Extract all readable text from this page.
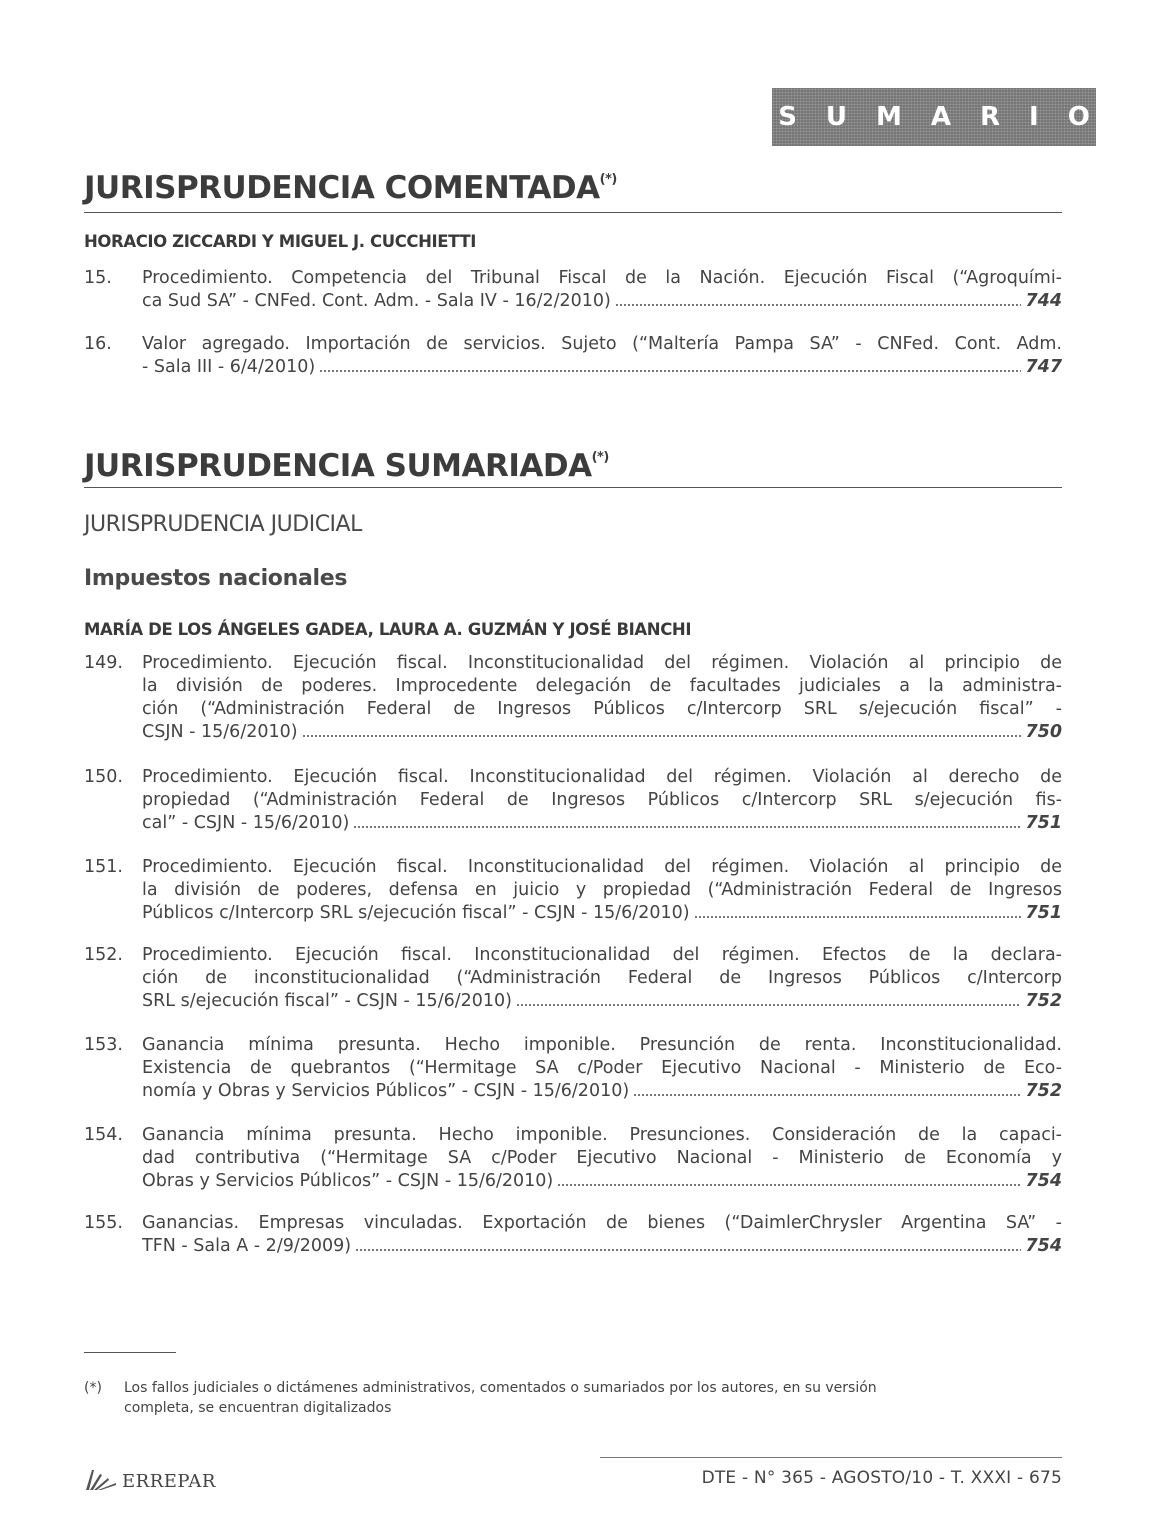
SUMARIO
JURISPRUDENCIA COMENTADA(*)
HORACIO ZICCARDI Y MIGUEL J. CUCCHIETTI
15.	Procedimiento. Competencia del Tribunal Fiscal de la Nación. Ejecución Fiscal (“Agroquími-
ca Sud SA” - CNFed. Cont. Adm. - Sala IV - 16/2/2010)	744
16.	Valor agregado. Importación de servicios. Sujeto (“Maltería Pampa SA” - CNFed. Cont. Adm.
- Sala III - 6/4/2010)	747
JURISPRUDENCIA SUMARIADA(*)
JURISPRUDENCIA JUDICIAL
Impuestos nacionales
MARÍA DE LOS ÁNGELES GADEA, LAURA A. GUZMÁN Y JOSÉ BIANCHI
149.	Procedimiento. Ejecución fiscal. Inconstitucionalidad del régimen. Violación al principio de
la división de poderes. Improcedente delegación de facultades judiciales a la administra-
ción (“Administración Federal de Ingresos Públicos c/Intercorp SRL s/ejecución fiscal” -
CSJN - 15/6/2010)	750
150.	Procedimiento. Ejecución fiscal. Inconstitucionalidad del régimen. Violación al derecho de
propiedad (“Administración Federal de Ingresos Públicos c/Intercorp SRL s/ejecución fis-
cal” - CSJN - 15/6/2010)	751
151.	Procedimiento. Ejecución fiscal. Inconstitucionalidad del régimen. Violación al principio de
la división de poderes, defensa en juicio y propiedad (“Administración Federal de Ingresos
Públicos c/Intercorp SRL s/ejecución fiscal” - CSJN - 15/6/2010)	751
152.	Procedimiento. Ejecución fiscal. Inconstitucionalidad del régimen. Efectos de la declara-
ción de inconstitucionalidad (“Administración Federal de Ingresos Públicos c/Intercorp
SRL s/ejecución fiscal” - CSJN - 15/6/2010)	752
153.	Ganancia mínima presunta. Hecho imponible. Presunción de renta. Inconstitucionalidad.
Existencia de quebrantos (“Hermitage SA c/Poder Ejecutivo Nacional - Ministerio de Eco-
nomía y Obras y Servicios Públicos” - CSJN - 15/6/2010)	752
154.	Ganancia mínima presunta. Hecho imponible. Presunciones. Consideración de la capaci-
dad contributiva (“Hermitage SA c/Poder Ejecutivo Nacional - Ministerio de Economía y
Obras y Servicios Públicos” - CSJN - 15/6/2010)	754
155.	Ganancias. Empresas vinculadas. Exportación de bienes (“DaimlerChrysler Argentina SA” -
TFN - Sala A - 2/9/2009)	754
(*) Los fallos judiciales o dictámenes administrativos, comentados o sumariados por los autores, en su versión
completa, se encuentran digitalizados
ERREPAR	DTE - N° 365 - AGOSTO/10 - T. XXXI - 675
